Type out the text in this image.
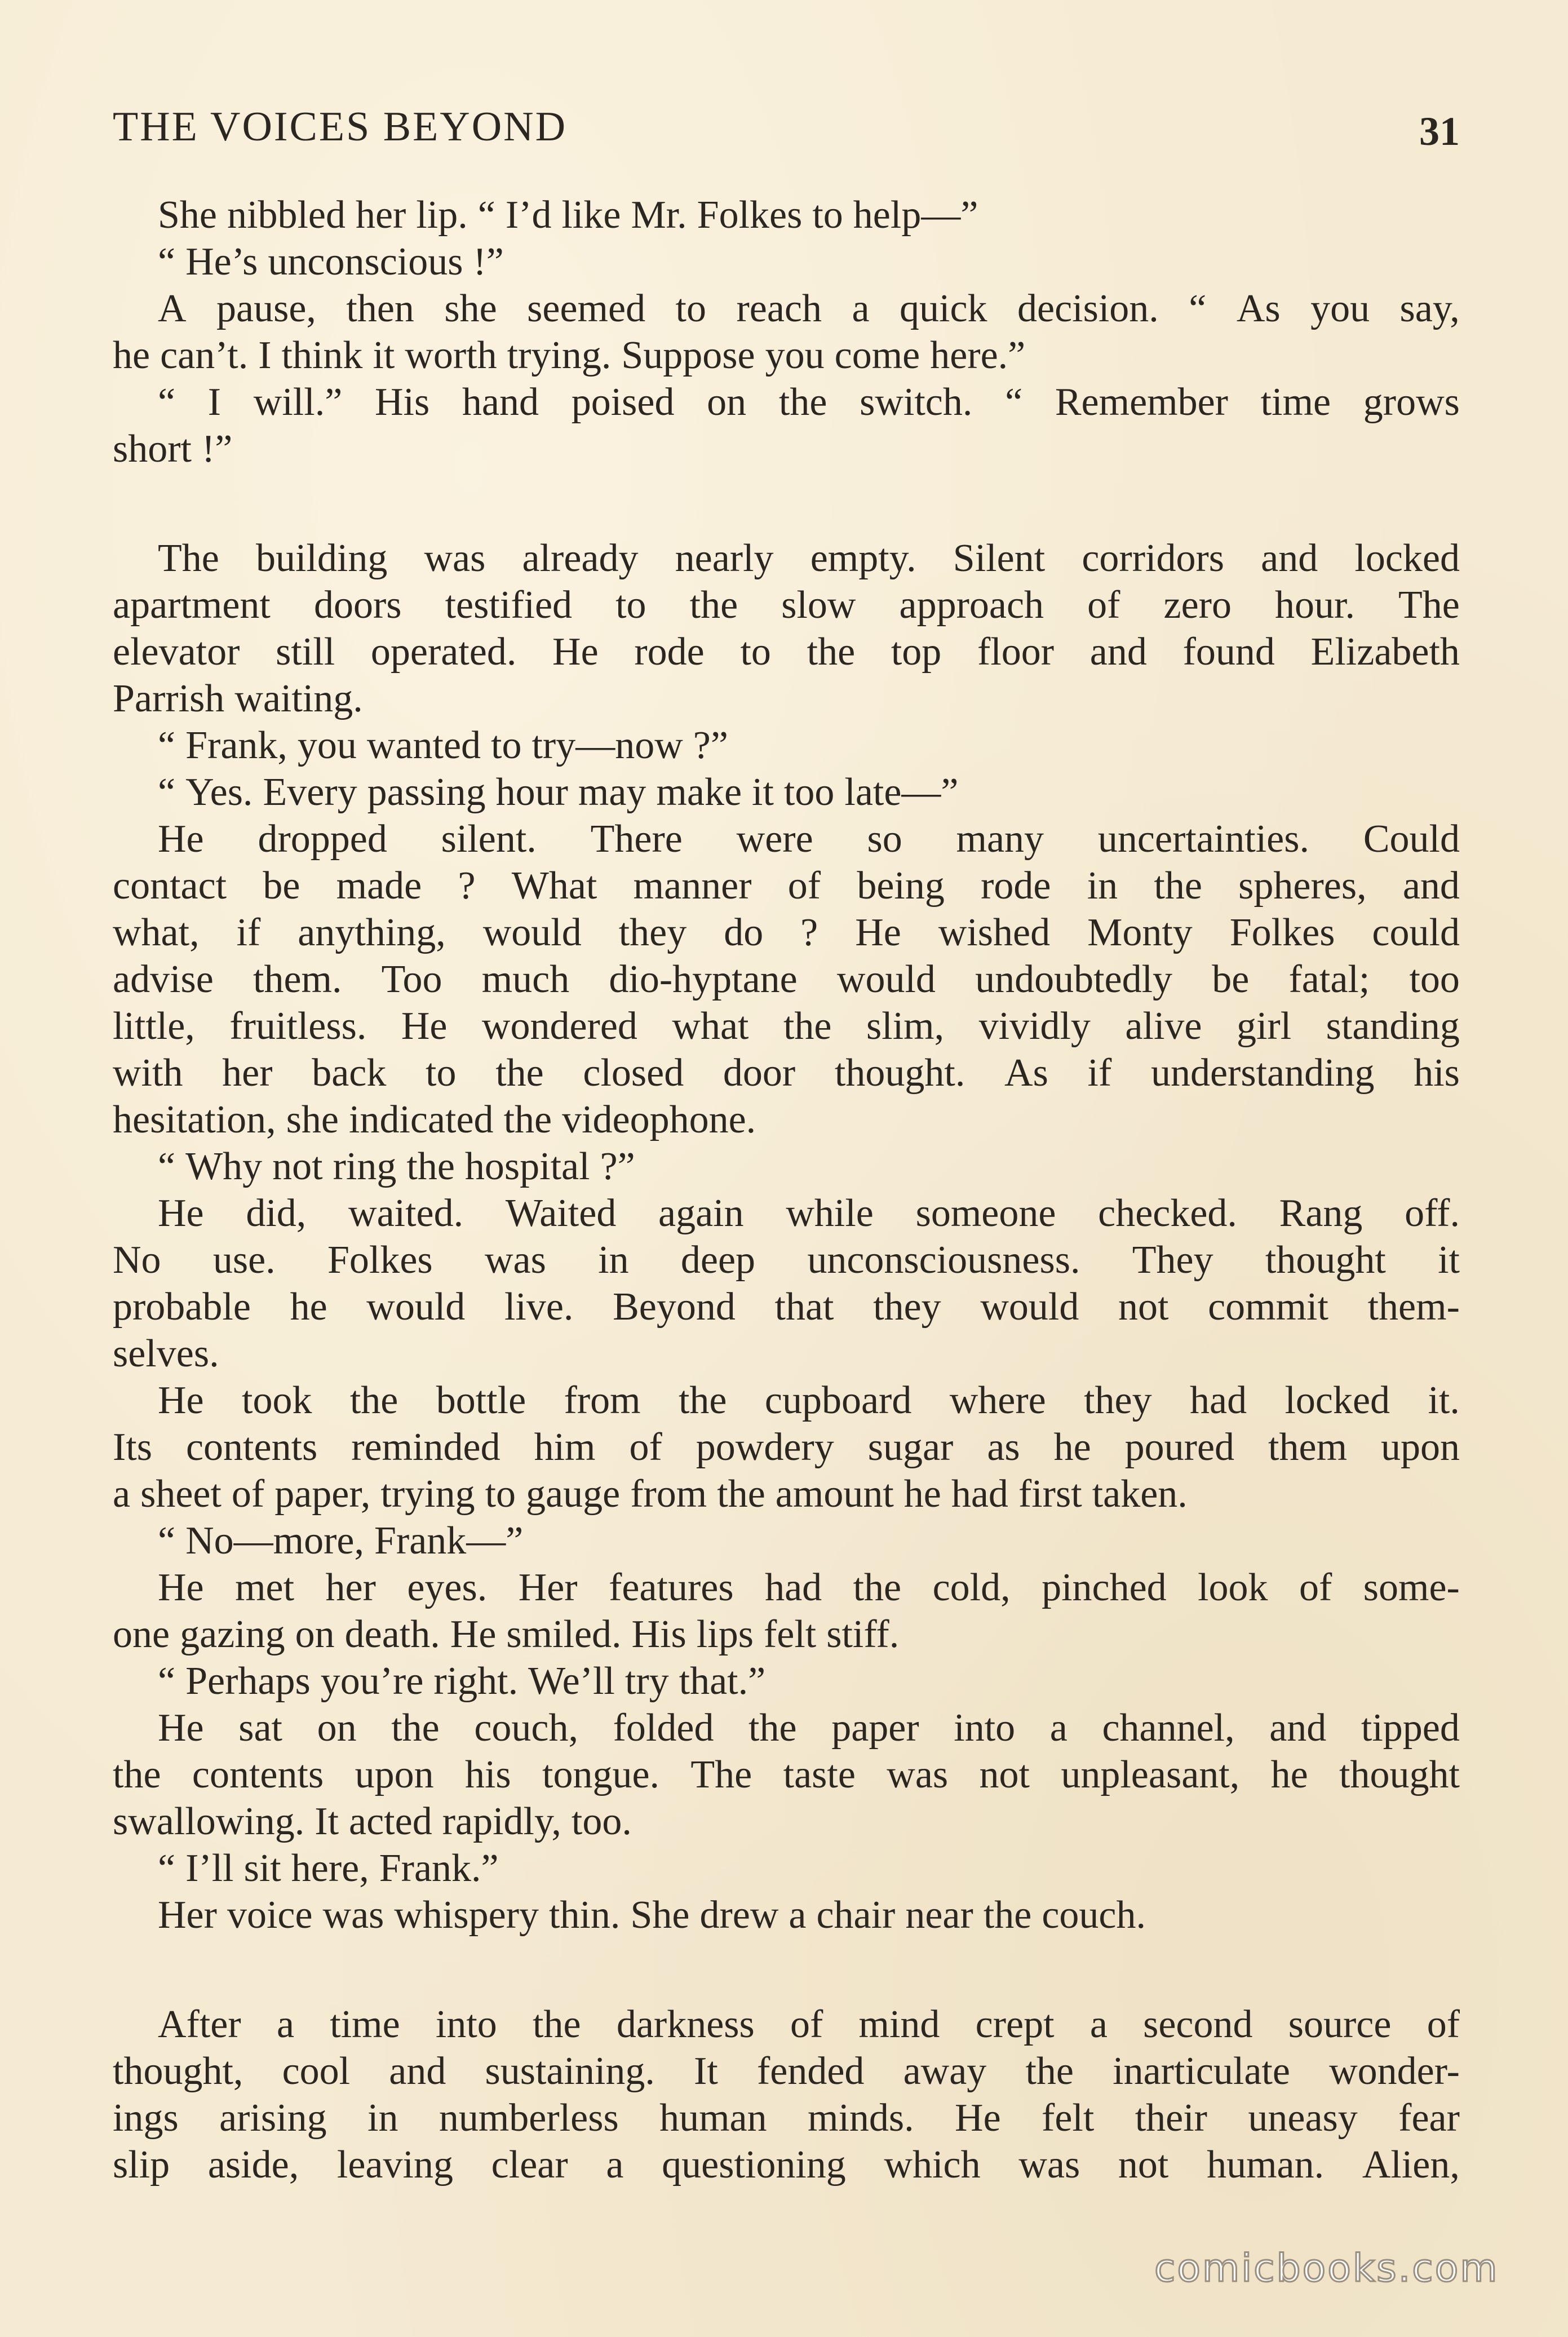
THE VOICES BEYOND	31
She nibbled her lip. “ I’d like Mr. Folkes to help—”
“ He’s unconscious !”
A pause, then she seemed to reach a quick decision. “ As you say,
he can’t. I think it worth trying. Suppose you come here.”
“ I will.” His hand poised on the switch. “ Remember time grows
short !”
The building was already nearly empty. Silent corridors and locked
apartment doors testified to the slow approach of zero hour. The
elevator still operated. He rode to the top floor and found Elizabeth
Parrish waiting.
“ Frank, you wanted to try—now ?”
“ Yes. Every passing hour may make it too late—”
He dropped silent. There were so many uncertainties. Could
contact be made ? What manner of being rode in the spheres, and
what, if anything, would they do ? He wished Monty Folkes could
advise them. Too much dio-hyptane would undoubtedly be fatal; too
little, fruitless. He wondered what the slim, vividly alive girl standing
with her back to the closed door thought. As if understanding his
hesitation, she indicated the videophone.
“ Why not ring the hospital ?”
He did, waited. Waited again while someone checked. Rang off.
No use. Folkes was in deep unconsciousness. They thought it
probable he would live. Beyond that they would not commit them-
selves.
He took the bottle from the cupboard where they had locked it.
Its contents reminded him of powdery sugar as he poured them upon
a sheet of paper, trying to gauge from the amount he had first taken.
“ No—more, Frank—”
He met her eyes. Her features had the cold, pinched look of some-
one gazing on death. He smiled. His lips felt stiff.
“ Perhaps you’re right. We’ll try that.”
He sat on the couch, folded the paper into a channel, and tipped
the contents upon his tongue. The taste was not unpleasant, he thought
swallowing. It acted rapidly, too.
“ I’ll sit here, Frank.”
Her voice was whispery thin. She drew a chair near the couch.
After a time into the darkness of mind crept a second source of
thought, cool and sustaining. It fended away the inarticulate wonder-
ings arising in numberless human minds. He felt their uneasy fear
slip aside, leaving clear a questioning which was not human. Alien,
comicbooks.com
